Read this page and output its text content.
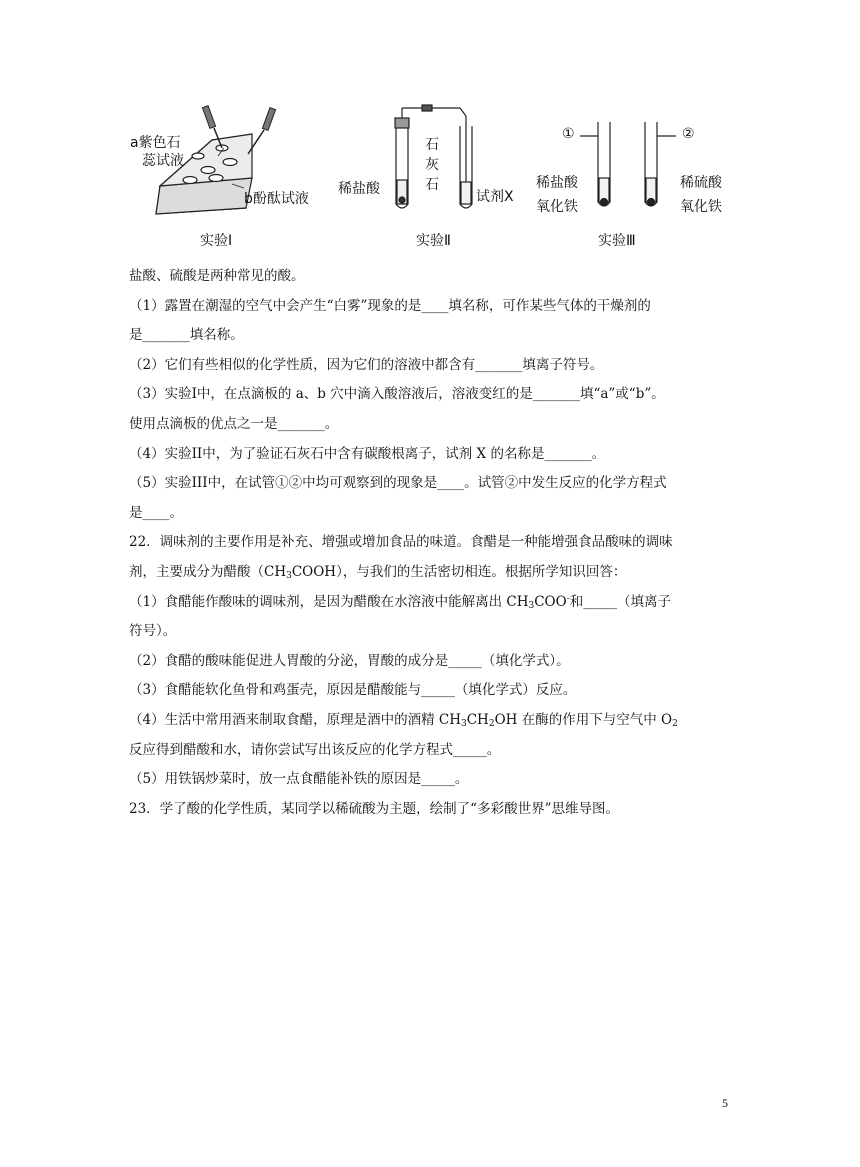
a紫色石
蕊试液
b酚酞试液
实验Ⅰ
稀盐酸
石
灰
石
试剂X
实验Ⅱ
①	②
稀盐酸
氧化铁
稀硫酸
氧化铁
实验Ⅲ

盐酸、硫酸是两种常见的酸。

（1）露置在潮湿的空气中会产生“白雾”现象的是____填名称，可作某些气体的干燥剂的

是_______填名称。

（2）它们有些相似的化学性质，因为它们的溶液中都含有_______填离子符号。

（3）实验I中，在点滴板的 a、b 穴中滴入酸溶液后，溶液变红的是_______填“a”或“b”。

使用点滴板的优点之一是_______。

（4）实验II中，为了验证石灰石中含有碳酸根离子，试剂 X 的名称是_______。

（5）实验III中，在试管①②中均可观察到的现象是____。试管②中发生反应的化学方程式

是____。

22．调味剂的主要作用是补充、增强或增加食品的味道。食醋是一种能增强食品酸味的调味

剂，主要成分为醋酸$(CH_3COOH)$，与我们的生活密切相连。根据所学知识回答：

（1）食醋能作酸味的调味剂，是因为醋酸在水溶液中能解离出 $CH_3COO^-$和_____（填离子

符号）。

（2）食醋的酸味能促进人胃酸的分泌，胃酸的成分是_____（填化学式）。

（3）食醋能软化鱼骨和鸡蛋壳，原因是醋酸能与_____（填化学式）反应。

（4）生活中常用酒来制取食醋，原理是酒中的酒精 $CH_3CH_2OH$ 在酶的作用下与空气中 $O_2$

反应得到醋酸和水，请你尝试写出该反应的化学方程式_____。

（5）用铁锅炒菜时，放一点食醋能补铁的原因是_____。

23．学了酸的化学性质，某同学以稀硫酸为主题，绘制了“多彩酸世界”思维导图。

5
